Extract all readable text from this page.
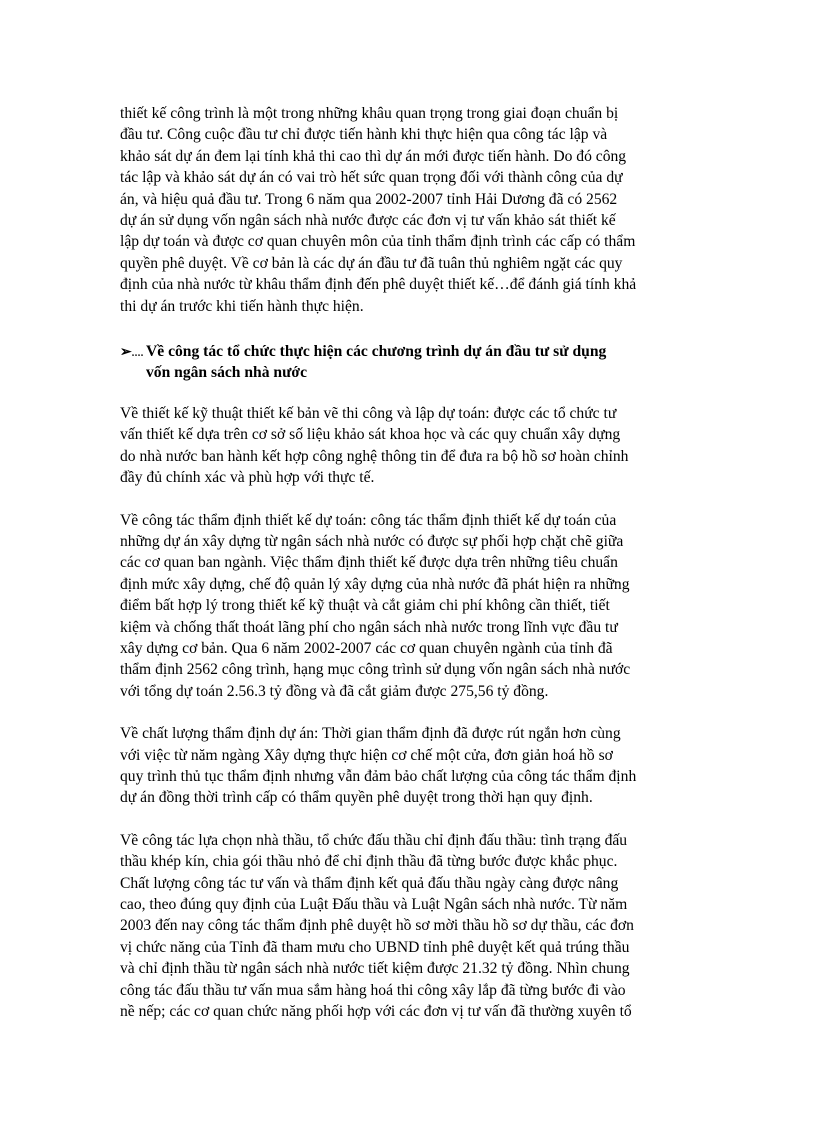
thiết kế công trình là một trong những khâu quan trọng trong giai đoạn chuẩn bị
đầu tư. Công cuộc đầu tư chỉ được tiến hành khi thực hiện qua công tác lập và
khảo sát dự án đem lại tính khả thi cao thì dự án mới được tiến hành. Do đó công
tác lập và khảo sát dự án có vai trò hết sức quan trọng đối với thành công của dự
án, và hiệu quả đầu tư. Trong 6 năm qua 2002-2007 tỉnh Hải Dương đã có 2562
dự án sử dụng vốn ngân sách nhà nước được các đơn vị tư vấn khảo sát thiết kế
lập dự toán và được cơ quan chuyên môn của tỉnh thẩm định trình các cấp có thẩm
quyền phê duyệt. Về cơ bản là các dự án đầu tư đã tuân thủ nghiêm ngặt các quy
định của nhà nước từ khâu thẩm định đến phê duyệt thiết kế…để đánh giá tính khả
thi dự án trước khi tiến hành thực hiện.

➢.... Về công tác tổ chức thực hiện các chương trình dự án đầu tư sử dụng
vốn ngân sách nhà nước

Về thiết kế kỹ thuật thiết kế bản vẽ thi công và lập dự toán: được các tổ chức tư
vấn thiết kế dựa trên cơ sở số liệu khảo sát khoa học và các quy chuẩn xây dựng
do nhà nước ban hành kết hợp công nghệ thông tin để đưa ra bộ hồ sơ hoàn chỉnh
đầy đủ chính xác và phù hợp với thực tế.

Về công tác thẩm định thiết kế dự toán: công tác thẩm định thiết kế dự toán của
những dự án xây dựng từ ngân sách nhà nước có được sự phối hợp chặt chẽ giữa
các cơ quan ban ngành. Việc thẩm định thiết kế được dựa trên những tiêu chuẩn
định mức xây dựng, chế độ quản lý xây dựng của nhà nước đã phát hiện ra những
điểm bất hợp lý trong thiết kế kỹ thuật và cắt giảm chi phí không cần thiết, tiết
kiệm và chống thất thoát lãng phí cho ngân sách nhà nước trong lĩnh vực đầu tư
xây dựng cơ bản. Qua 6 năm 2002-2007 các cơ quan chuyên ngành của tỉnh đã
thẩm định 2562 công trình, hạng mục công trình sử dụng vốn ngân sách nhà nước
với tổng dự toán 2.56.3 tỷ đồng và đã cắt giảm được 275,56 tỷ đồng.

Về chất lượng thẩm định dự án: Thời gian thẩm định đã được rút ngắn hơn cùng
với việc từ năm ngàng Xây dựng thực hiện cơ chế một cửa, đơn giản hoá hồ sơ
quy trình thủ tục thẩm định nhưng vẫn đảm bảo chất lượng của công tác thẩm định
dự án đồng thời trình cấp có thẩm quyền phê duyệt trong thời hạn quy định.

Về công tác lựa chọn nhà thầu, tổ chức đấu thầu chỉ định đấu thầu: tình trạng đấu
thầu khép kín, chia gói thầu nhỏ để chỉ định thầu đã từng bước được khắc phục.
Chất lượng công tác tư vấn và thẩm định kết quả đấu thầu ngày càng được nâng
cao, theo đúng quy định của Luật Đấu thầu và Luật Ngân sách nhà nước. Từ năm
2003 đến nay công tác thẩm định phê duyệt hồ sơ mời thầu hồ sơ dự thầu, các đơn
vị chức năng của Tỉnh đã tham mưu cho UBND tỉnh phê duyệt kết quả trúng thầu
và chỉ định thầu từ ngân sách nhà nước tiết kiệm được 21.32 tỷ đồng. Nhìn chung
công tác đấu thầu tư vấn mua sắm hàng hoá thi công xây lắp đã từng bước đi vào
nề nếp; các cơ quan chức năng phối hợp với các đơn vị tư vấn đã thường xuyên tổ
